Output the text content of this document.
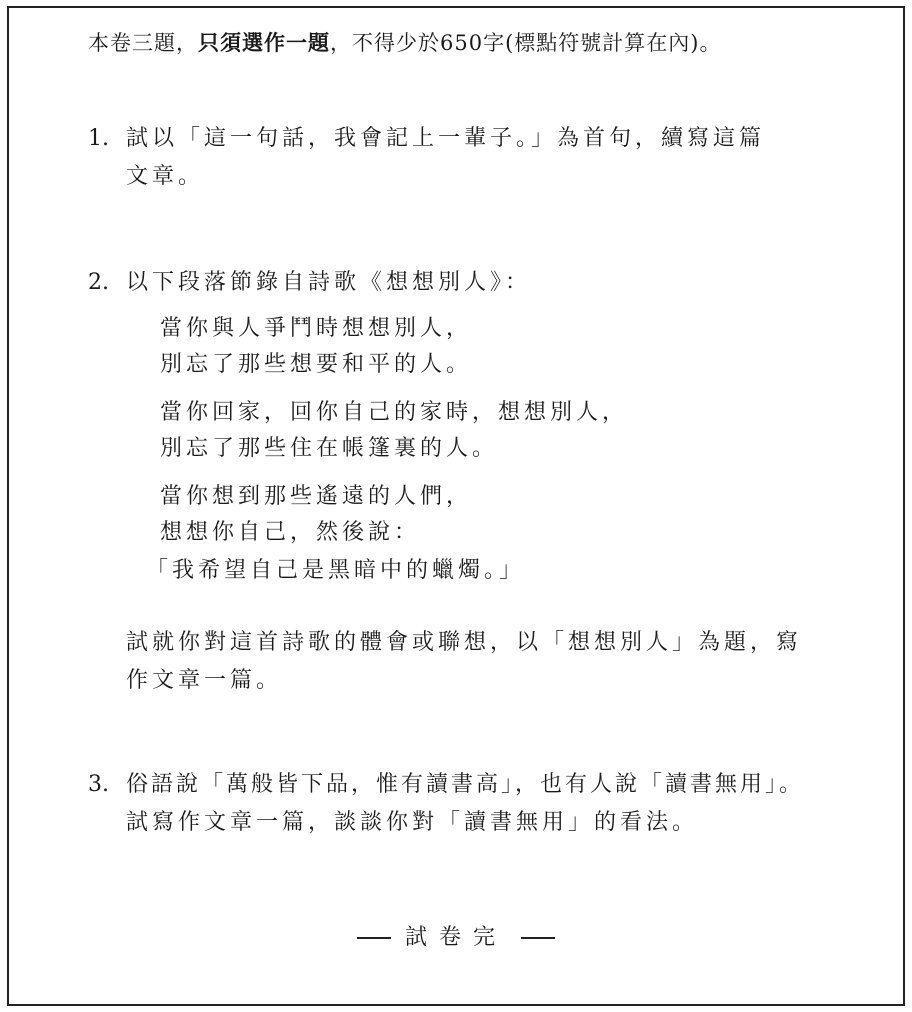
本卷三題，只須選作一題，不得少於650字(標點符號計算在內)。
1. 試以「這一句話，我會記上一輩子。」為首句，續寫這篇
文章。
2. 以下段落節錄自詩歌《想想別人》：
當你與人爭鬥時想想別人，
別忘了那些想要和平的人。
當你回家，回你自己的家時，想想別人，
別忘了那些住在帳篷裏的人。
當你想到那些遙遠的人們，
想想你自己，然後說：
「我希望自己是黑暗中的蠟燭。」
試就你對這首詩歌的體會或聯想，以「想想別人」為題，寫
作文章一篇。
3. 俗語說「萬般皆下品，惟有讀書高」，也有人說「讀書無用」。
試寫作文章一篇，談談你對「讀書無用」的看法。
試卷完
